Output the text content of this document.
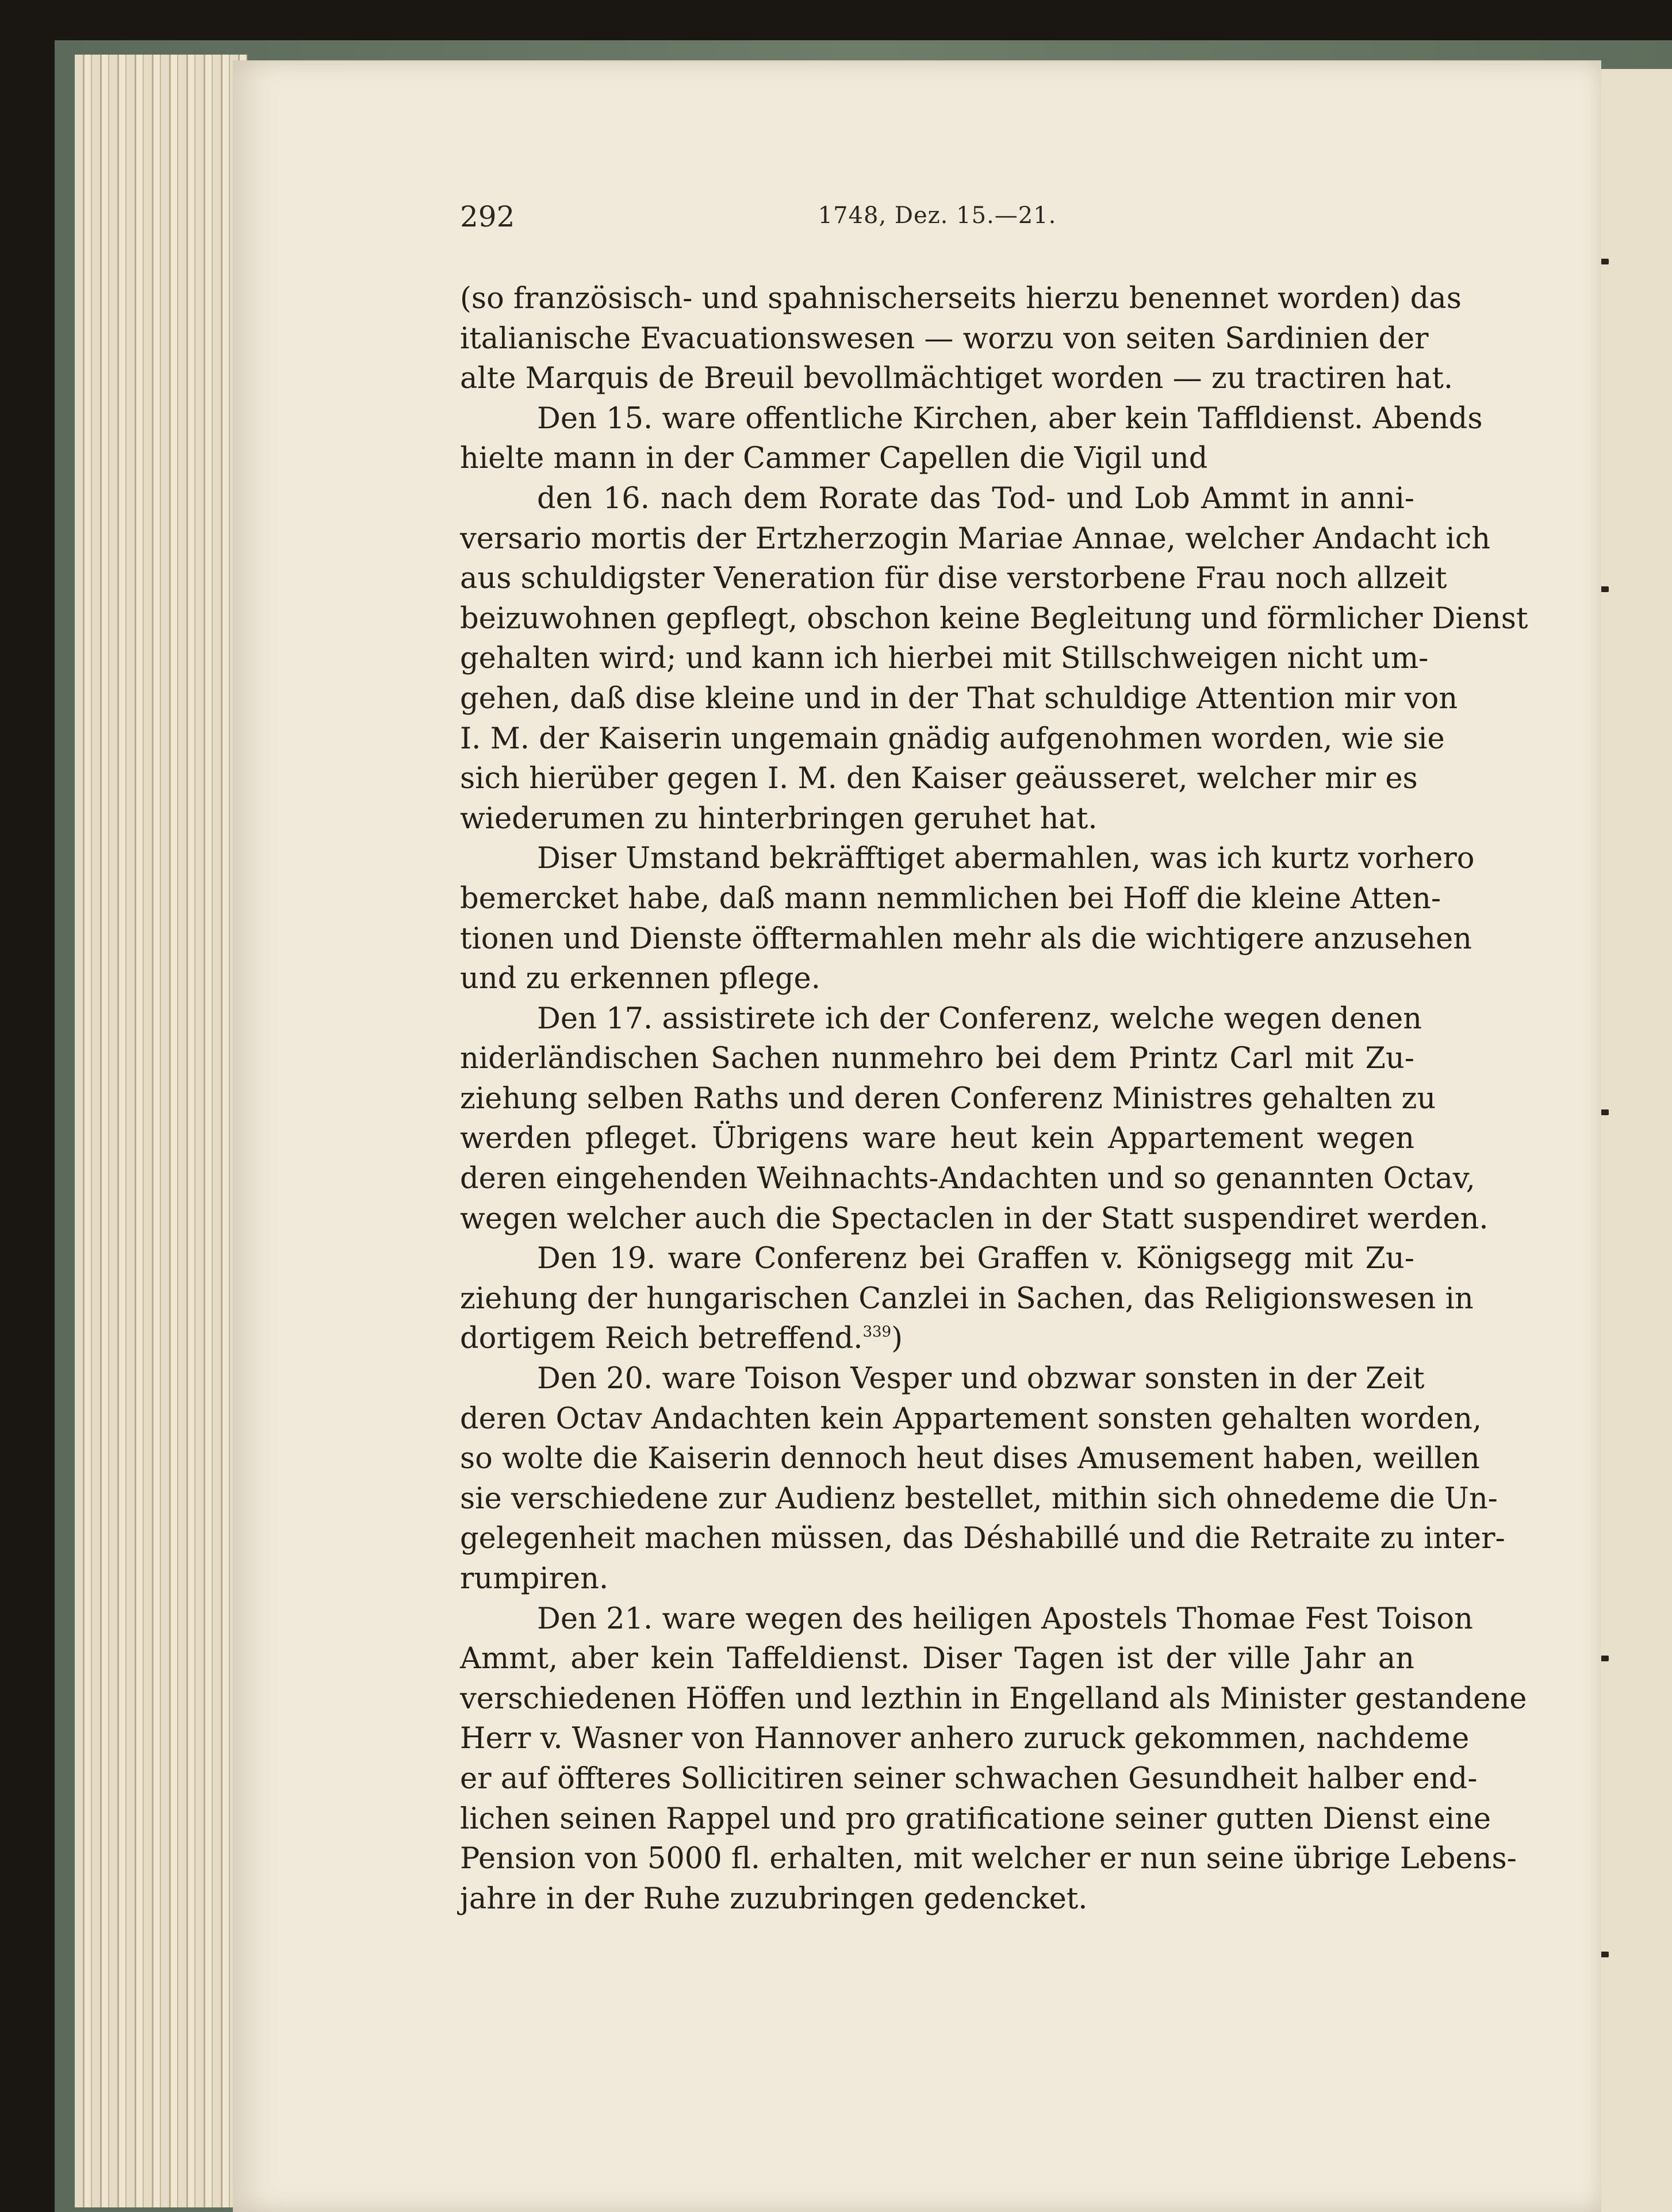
292	1748, Dez. 15.—21.
(so französisch- und spahnischerseits hierzu benennet worden) das
italianische Evacuationswesen — worzu von seiten Sardinien der
alte Marquis de Breuil bevollmächtiget worden — zu tractiren hat.
Den 15. ware offentliche Kirchen, aber kein Taffldienst. Abends
hielte mann in der Cammer Capellen die Vigil und
den 16. nach dem Rorate das Tod- und Lob Ammt in anni-
versario mortis der Ertzherzogin Mariae Annae, welcher Andacht ich
aus schuldigster Veneration für dise verstorbene Frau noch allzeit
beizuwohnen gepflegt, obschon keine Begleitung und förmlicher Dienst
gehalten wird; und kann ich hierbei mit Stillschweigen nicht um-
gehen, daß dise kleine und in der That schuldige Attention mir von
I. M. der Kaiserin ungemain gnädig aufgenohmen worden, wie sie
sich hierüber gegen I. M. den Kaiser geäusseret, welcher mir es
wiederumen zu hinterbringen geruhet hat.
Diser Umstand bekräfftiget abermahlen, was ich kurtz vorhero
bemercket habe, daß mann nemmlichen bei Hoff die kleine Atten-
tionen und Dienste öfftermahlen mehr als die wichtigere anzusehen
und zu erkennen pflege.
Den 17. assistirete ich der Conferenz, welche wegen denen
niderländischen Sachen nunmehro bei dem Printz Carl mit Zu-
ziehung selben Raths und deren Conferenz Ministres gehalten zu
werden pfleget. Übrigens ware heut kein Appartement wegen
deren eingehenden Weihnachts-Andachten und so genannten Octav,
wegen welcher auch die Spectaclen in der Statt suspendiret werden.
Den 19. ware Conferenz bei Graffen v. Königsegg mit Zu-
ziehung der hungarischen Canzlei in Sachen, das Religionswesen in
dortigem Reich betreffend.$^{339}$)
Den 20. ware Toison Vesper und obzwar sonsten in der Zeit
deren Octav Andachten kein Appartement sonsten gehalten worden,
so wolte die Kaiserin dennoch heut dises Amusement haben, weillen
sie verschiedene zur Audienz bestellet, mithin sich ohnedeme die Un-
gelegenheit machen müssen, das Déshabillé und die Retraite zu inter-
rumpiren.
Den 21. ware wegen des heiligen Apostels Thomae Fest Toison
Ammt, aber kein Taffeldienst. Diser Tagen ist der ville Jahr an
verschiedenen Höffen und lezthin in Engelland als Minister gestandene
Herr v. Wasner von Hannover anhero zuruck gekommen, nachdeme
er auf öffteres Sollicitiren seiner schwachen Gesundheit halber end-
lichen seinen Rappel und pro gratificatione seiner gutten Dienst eine
Pension von 5000 fl. erhalten, mit welcher er nun seine übrige Lebens-
jahre in der Ruhe zuzubringen gedencket.
